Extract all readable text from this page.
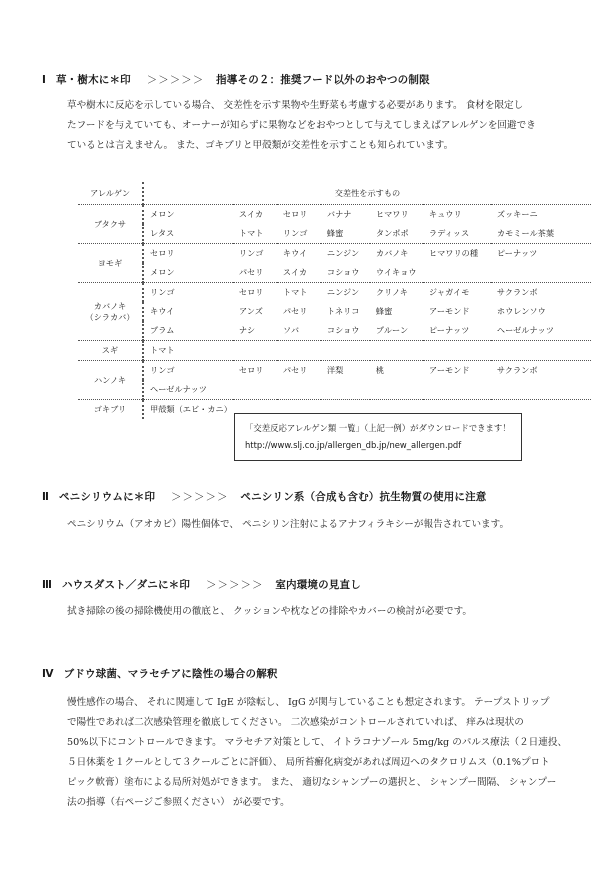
Ⅰ 草・樹木に＊印 ＞＞＞＞＞ 指導その２：推奨フード以外のおやつの制限
草や樹木に反応を示している場合、 交差性を示す果物や生野菜も考慮する必要があります。 食材を限定し
たフードを与えていても、オーナーが知らずに果物などをおやつとして与えてしまえばアレルゲンを回避でき
ているとは言えません。 また、ゴキブリと甲殻類が交差性を示すことも知られています。
アレルゲン	交差性を示すもの						
ブタクサ	メロン	スイカ	セロリ	バナナ	ヒマワリ	キュウリ	ズッキーニ
	レタス	トマト	リンゴ	蜂蜜	タンポポ	ラディッス	カモミール茶葉
ヨモギ	セロリ	リンゴ	キウイ	ニンジン	カバノキ	ヒマワリの種	ピーナッツ
	メロン	パセリ	スイカ	コショウ	ウイキョウ		
カバノキ
（シラカバ）	リンゴ	セロリ	トマト	ニンジン	クリノキ	ジャガイモ	サクランボ
	キウイ	アンズ	パセリ	トネリコ	蜂蜜	アーモンド	ホウレンソウ
	プラム	ナシ	ソバ	コショウ	プルーン	ピーナッツ	ヘーゼルナッツ
スギ	トマト						
ハンノキ	リンゴ	セロリ	パセリ	洋梨	桃	アーモンド	サクランボ
	ヘーゼルナッツ						
ゴキブリ	甲殻類（エビ・カニ）						
「交差反応アレルゲン類 一覧」（上記一例）がダウンロードできます！
http://www.slj.co.jp/allergen_db.jp/new_allergen.pdf
Ⅱ ペニシリウムに＊印 ＞＞＞＞＞ ペニシリン系（合成も含む）抗生物質の使用に注意
ペニシリウム（アオカビ）陽性個体で、 ペニシリン注射によるアナフィラキシーが報告されています。
Ⅲ ハウスダスト／ダニに＊印 ＞＞＞＞＞ 室内環境の見直し
拭き掃除の後の掃除機使用の徹底と、 クッションや枕などの排除やカバーの検討が必要です。
Ⅳ ブドウ球菌、マラセチアに陰性の場合の解釈
慢性感作の場合、 それに関連して IgE が陰転し、 IgG が関与していることも想定されます。 テープストリップ
で陽性であれば二次感染管理を徹底してください。 二次感染がコントロールされていれば、 痒みは現状の
50%以下にコントロールできます。 マラセチア対策として、 イトラコナゾール 5mg/kg のパルス療法（２日連投、
５日休薬を１クールとして３クールごとに評価）、 局所苔癬化病変があれば周辺へのタクロリムス（0.1%プロト
ピック軟膏）塗布による局所対処ができます。 また、 適切なシャンプーの選択と、 シャンプー間隔、 シャンプー
法の指導（右ページご参照ください） が必要です。
